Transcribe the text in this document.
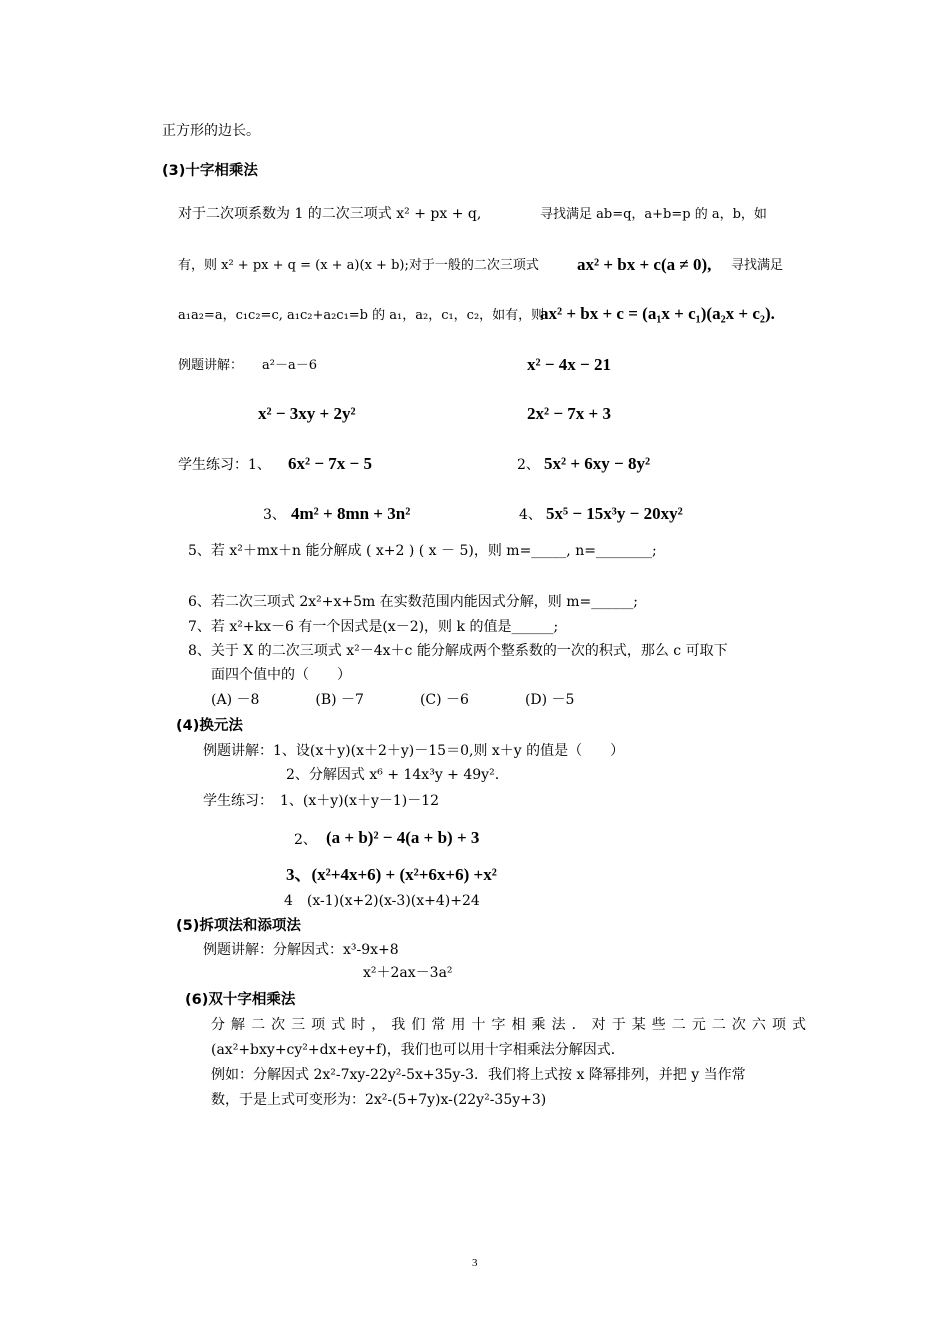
正方形的边长。
(3)十字相乘法
对于二次项系数为 1 的二次三项式 x² + px + q,	寻找满足 ab=q，a+b=p 的 a，b，如
有，则 x² + px + q = (x + a)(x + b);对于一般的二次三项式 ax² + bx + c(a ≠ 0), 寻找满足
a₁a₂=a，c₁c₂=c, a₁c₂+a₂c₁=b 的 a₁，a₂，c₁，c₂，如有，则
ax² + bx + c = (a₁x + c₁)(a₂x + c₂).
例题讲解： a²－a－6	x² − 4x − 21
x² − 3xy + 2y²	2x² − 7x + 3
学生练习：1、 6x² − 7x − 5	2、 5x² + 6xy − 8y²
3、 4m² + 8mn + 3n²	4、 5x⁵ − 15x³y − 20xy²
5、若 x²＋mx＋n 能分解成 ( x+2 ) ( x － 5)，则 m=_____, n=________;
6、若二次三项式 2x²+x+5m 在实数范围内能因式分解，则 m=______;
7、若 x²+kx－6 有一个因式是(x－2)，则 k 的值是______;
8、关于 X 的二次三项式 x²－4x＋c 能分解成两个整系数的一次的积式，那么 c 可取下
面四个值中的（　　）
(A) －8　　　　(B) －7　　　　(C) －6　　　　(D) －5
(4)换元法
例题讲解：1、设(x＋y)(x＋2＋y)－15＝0,则 x＋y 的值是（　　）
2、分解因式 x⁶ + 14x³y + 49y².
学生练习：　1、(x＋y)(x＋y－1)－12
2、 (a + b)² − 4(a + b) + 3
3、(x²+4x+6) + (x²+6x+6) +x²
4　(x-1)(x+2)(x-3)(x+4)+24
(5)拆项法和添项法
例题讲解：分解因式：x³-9x+8
x²＋2ax－3a²
(6)双十字相乘法
分解二次三项式时，我们常用十字相乘法．对于某些二元二次六项式
(ax²+bxy+cy²+dx+ey+f)，我们也可以用十字相乘法分解因式．
例如：分解因式 2x²-7xy-22y²-5x+35y-3．我们将上式按 x 降幂排列，并把 y 当作常
数，于是上式可变形为：2x²-(5+7y)x-(22y²-35y+3)
3
